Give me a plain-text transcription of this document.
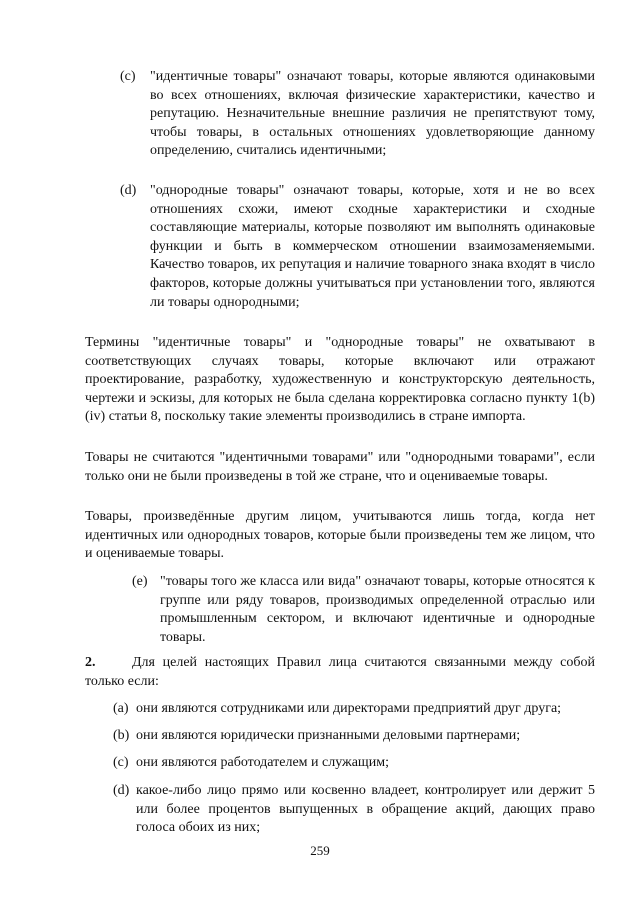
(c)	"идентичные товары" означают товары, которые являются одинаковыми во всех отношениях, включая физические характеристики, качество и репутацию. Незначительные внешние различия не препятствуют тому, чтобы товары, в остальных отношениях удовлетворяющие данному определению, считались идентичными;
(d) "однородные товары" означают товары, которые, хотя и не во всех отношениях схожи, имеют сходные характеристики и сходные составляющие материалы, которые позволяют им выполнять одинаковые функции и быть в коммерческом отношении взаимозаменяемыми. Качество товаров, их репутация и наличие товарного знака входят в число факторов, которые должны учитываться при установлении того, являются ли товары однородными;
Термины "идентичные товары" и "однородные товары" не охватывают в соответствующих случаях товары, которые включают или отражают проектирование, разработку, художественную и конструкторскую деятельность, чертежи и эскизы, для которых не была сделана корректировка согласно пункту 1(b)(iv) статьи 8, поскольку такие элементы производились в стране импорта.
Товары не считаются "идентичными товарами" или "однородными товарами", если только они не были произведены в той же стране, что и оцениваемые товары.
Товары, произведённые другим лицом, учитываются лишь тогда, когда нет идентичных или однородных товаров, которые были произведены тем же лицом, что и оцениваемые товары.
(e) "товары того же класса или вида" означают товары, которые относятся к группе или ряду товаров, производимых определенной отраслью или промышленным сектором, и включают идентичные и однородные товары.
2.	Для целей настоящих Правил лица считаются связанными между собой только если:
(a) они являются сотрудниками или директорами предприятий друг друга;
(b) они являются юридически признанными деловыми партнерами;
(c) они являются работодателем и служащим;
(d) какое-либо лицо прямо или косвенно владеет, контролирует или держит 5 или более процентов выпущенных в обращение акций, дающих право голоса обоих из них;
259
